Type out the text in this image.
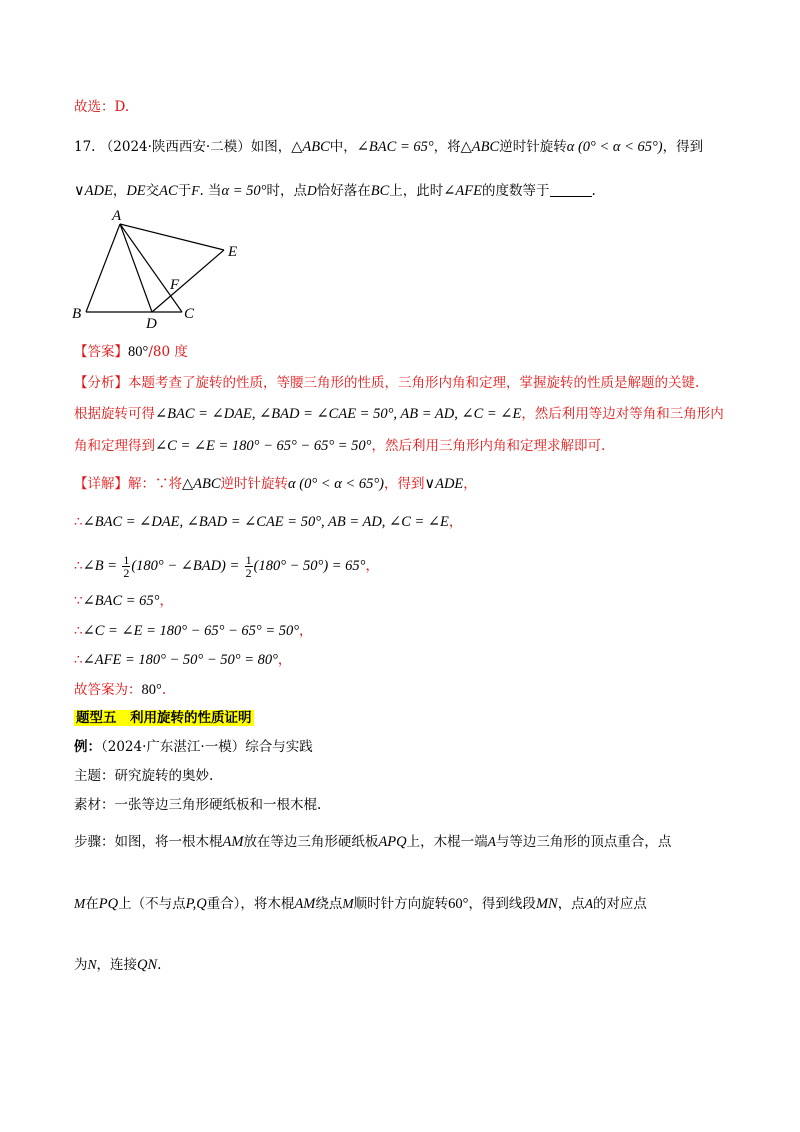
故选：D.
17. （2024·陕西西安·二模）如图，△ABC中，∠BAC = 65°，将△ABC逆时针旋转α (0° < α < 65°)，得到
∨ADE，DE交AC于F. 当α = 50°时，点D恰好落在BC上，此时∠AFE的度数等于	.
A
B	C
D
E
F
【答案】80°/80 度
【分析】本题考查了旋转的性质，等腰三角形的性质，三角形内角和定理，掌握旋转的性质是解题的关键.
根据旋转可得∠BAC = ∠DAE, ∠BAD = ∠CAE = 50°, AB = AD, ∠C = ∠E，然后利用等边对等角和三角形内
角和定理得到∠C = ∠E = 180° − 65° − 65° = 50°，然后利用三角形内角和定理求解即可.
【详解】解：∵将△ABC逆时针旋转α (0° < α < 65°)，得到∨ADE，
∴∠BAC = ∠DAE, ∠BAD = ∠CAE = 50°, AB = AD, ∠C = ∠E，
∴∠B = $\frac{1}{2} (180^\circ$ − ∠BAD) = $\frac{1}{2} (180^\circ - 50^\circ) = 65^\circ$，
∵∠BAC = 65°，
∴∠C = ∠E = 180° − 65° − 65° = 50°，
∴∠AFE = 180° − 50° − 50° = 80°，
故答案为：80°.
题型五　利用旋转的性质证明
例：（2024·广东湛江·一模）综合与实践
主题：研究旋转的奥妙.
素材：一张等边三角形硬纸板和一根木棍.
步骤：如图，将一根木棍AM放在等边三角形硬纸板APQ上，木棍一端A与等边三角形的顶点重合，点
M在PQ上（不与点P,Q重合），将木棍AM绕点M顺时针方向旋转60°，得到线段MN，点A的对应点
为N，连接QN.
